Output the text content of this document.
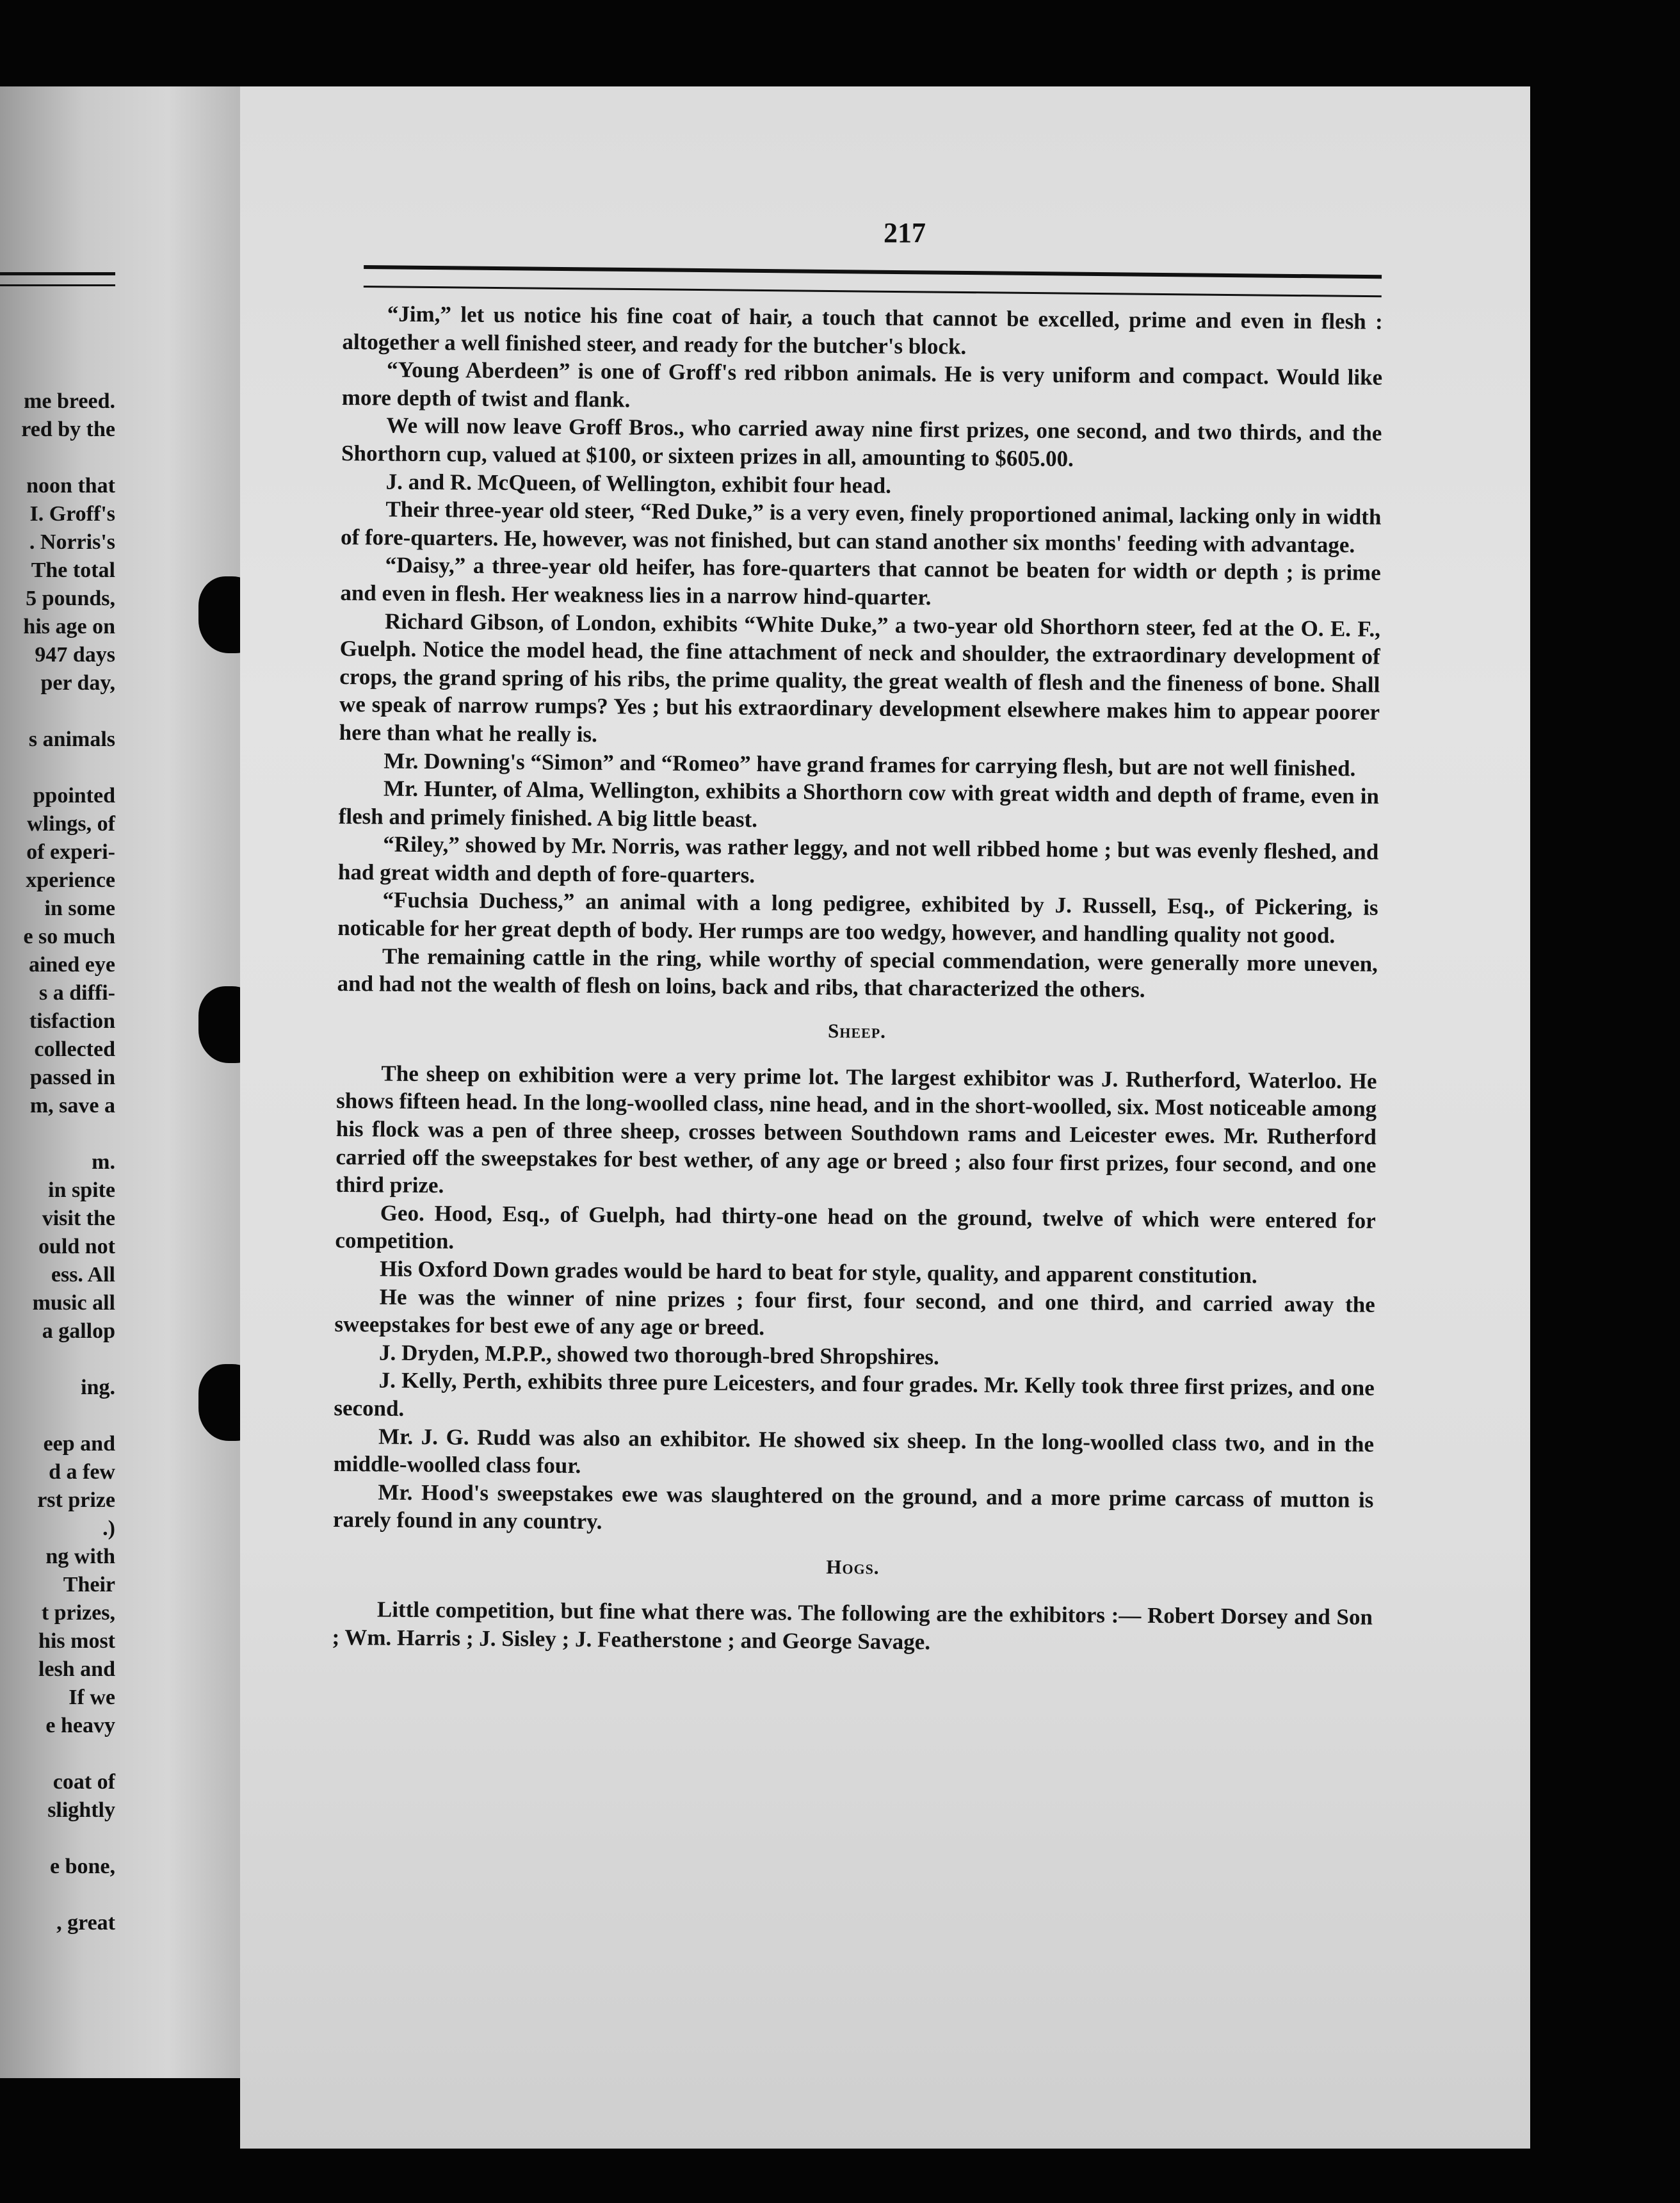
me breed.
red by the
noon that
I. Groff's
. Norris's
The total
5 pounds,
his age on
947 days
per day,
s animals
ppointed
wlings, of
of experi-
xperience
in some
e so much
ained eye
s a diffi-
tisfaction
collected
passed in
m, save a
m.
in spite
visit the
ould not
ess. All
music all
a gallop
ing.
eep and
d a few
rst prize
.)
ng with
Their
t prizes,
his most
lesh and
If we
e heavy
coat of
slightly
e bone,
, great
217

“Jim,” let us notice his fine coat of hair, a touch that cannot be excelled, prime and even in flesh : altogether a well finished steer, and ready for the butcher's block.

“Young Aberdeen” is one of Groff's red ribbon animals. He is very uniform and compact. Would like more depth of twist and flank.

We will now leave Groff Bros., who carried away nine first prizes, one second, and two thirds, and the Shorthorn cup, valued at $100, or sixteen prizes in all, amounting to $605.00.

J. and R. McQueen, of Wellington, exhibit four head.

Their three-year old steer, “Red Duke,” is a very even, finely proportioned animal, lacking only in width of fore-quarters. He, however, was not finished, but can stand another six months' feeding with advantage.

“Daisy,” a three-year old heifer, has fore-quarters that cannot be beaten for width or depth ; is prime and even in flesh. Her weakness lies in a narrow hind-quarter.

Richard Gibson, of London, exhibits “White Duke,” a two-year old Shorthorn steer, fed at the O. E. F., Guelph. Notice the model head, the fine attachment of neck and shoulder, the extraordinary development of crops, the grand spring of his ribs, the prime quality, the great wealth of flesh and the fineness of bone. Shall we speak of narrow rumps? Yes ; but his extraordinary development elsewhere makes him to appear poorer here than what he really is.

Mr. Downing's “Simon” and “Romeo” have grand frames for carrying flesh, but are not well finished.

Mr. Hunter, of Alma, Wellington, exhibits a Shorthorn cow with great width and depth of frame, even in flesh and primely finished. A big little beast.

“Riley,” showed by Mr. Norris, was rather leggy, and not well ribbed home ; but was evenly fleshed, and had great width and depth of fore-quarters.

“Fuchsia Duchess,” an animal with a long pedigree, exhibited by J. Russell, Esq., of Pickering, is noticable for her great depth of body. Her rumps are too wedgy, however, and handling quality not good.

The remaining cattle in the ring, while worthy of special commendation, were generally more uneven, and had not the wealth of flesh on loins, back and ribs, that characterized the others.

Sheep.

The sheep on exhibition were a very prime lot. The largest exhibitor was J. Rutherford, Waterloo. He shows fifteen head. In the long-woolled class, nine head, and in the short-woolled, six. Most noticeable among his flock was a pen of three sheep, crosses between Southdown rams and Leicester ewes. Mr. Rutherford carried off the sweepstakes for best wether, of any age or breed ; also four first prizes, four second, and one third prize.

Geo. Hood, Esq., of Guelph, had thirty-one head on the ground, twelve of which were entered for competition.

His Oxford Down grades would be hard to beat for style, quality, and apparent constitution.

He was the winner of nine prizes ; four first, four second, and one third, and carried away the sweepstakes for best ewe of any age or breed.

J. Dryden, M.P.P., showed two thorough-bred Shropshires.

J. Kelly, Perth, exhibits three pure Leicesters, and four grades. Mr. Kelly took three first prizes, and one second.

Mr. J. G. Rudd was also an exhibitor. He showed six sheep. In the long-woolled class two, and in the middle-woolled class four.

Mr. Hood's sweepstakes ewe was slaughtered on the ground, and a more prime carcass of mutton is rarely found in any country.

Hogs.

Little competition, but fine what there was. The following are the exhibitors :— Robert Dorsey and Son ; Wm. Harris ; J. Sisley ; J. Featherstone ; and George Savage.
